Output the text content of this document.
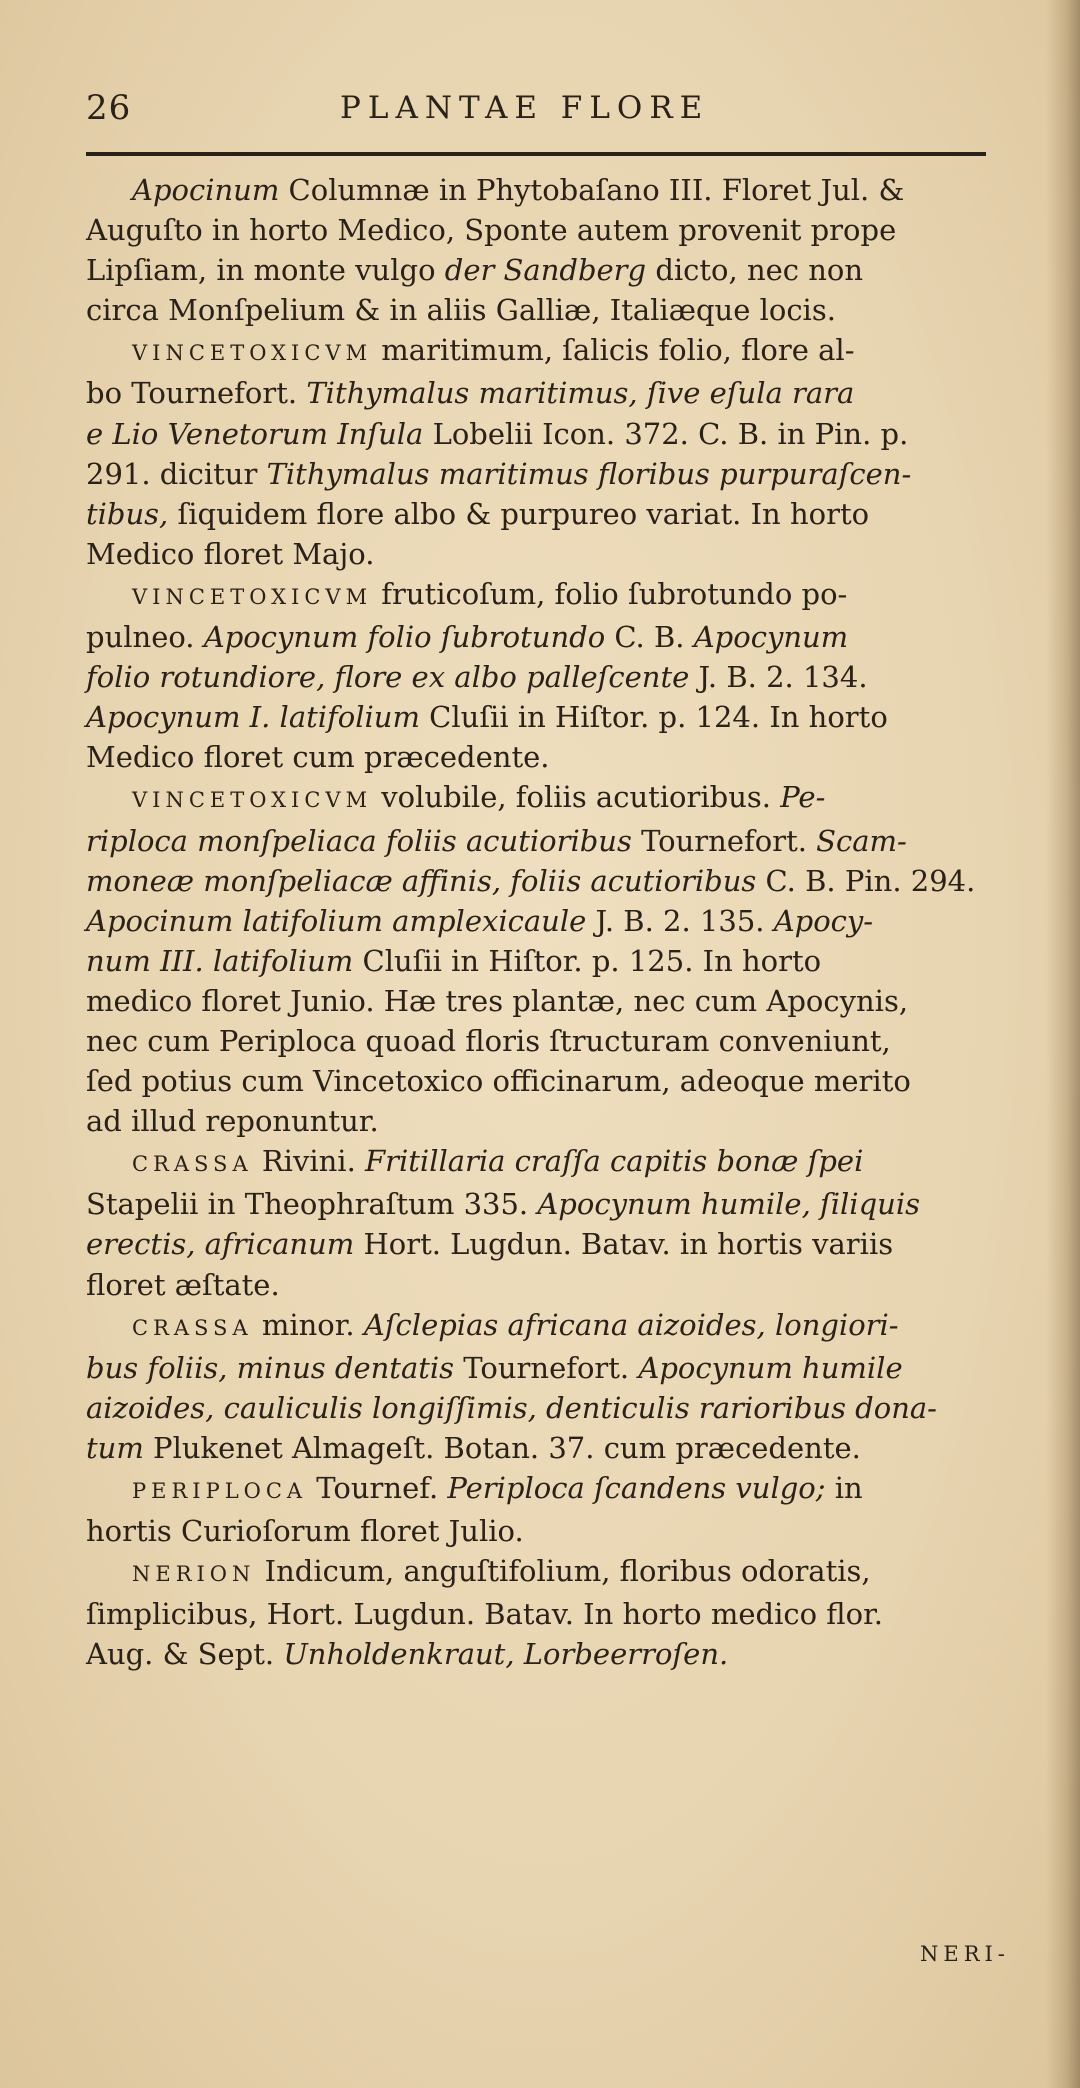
26	PLANTAE FLORE
Apocinum Columnæ in Phytobaſano III. Floret Jul. &
Auguſto in horto Medico, Sponte autem provenit prope
Lipſiam, in monte vulgo der Sandberg dicto, nec non
circa Monſpelium & in aliis Galliæ, Italiæque locis.
VINCETOXICVM maritimum, ſalicis folio, flore al-
bo Tournefort. Tithymalus maritimus, ſive eſula rara
e Lio Venetorum Inſula Lobelii Icon. 372. C. B. in Pin. p.
291. dicitur Tithymalus maritimus floribus purpuraſcen-
tibus, ſiquidem flore albo & purpureo variat. In horto
Medico floret Majo.
VINCETOXICVM fruticoſum, folio ſubrotundo po-
pulneo. Apocynum folio ſubrotundo C. B. Apocynum
folio rotundiore, flore ex albo palleſcente J. B. 2. 134.
Apocynum I. latifolium Cluſii in Hiſtor. p. 124. In horto
Medico floret cum præcedente.
VINCETOXICVM volubile, foliis acutioribus. Pe-
riploca monſpeliaca foliis acutioribus Tournefort. Scam-
moneæ monſpeliacæ affinis, foliis acutioribus C. B. Pin. 294.
Apocinum latifolium amplexicaule J. B. 2. 135. Apocy-
num III. latifolium Cluſii in Hiſtor. p. 125. In horto
medico floret Junio. Hæ tres plantæ, nec cum Apocynis,
nec cum Periploca quoad floris ſtructuram conveniunt,
ſed potius cum Vincetoxico officinarum, adeoque merito
ad illud reponuntur.
CRASSA Rivini. Fritillaria craſſa capitis bonæ ſpei
Stapelii in Theophraſtum 335. Apocynum humile, ſiliquis
erectis, africanum Hort. Lugdun. Batav. in hortis variis
floret æſtate.
CRASSA minor. Aſclepias africana aizoides, longiori-
bus foliis, minus dentatis Tournefort. Apocynum humile
aizoides, cauliculis longiſſimis, denticulis rarioribus dona-
tum Plukenet Almageſt. Botan. 37. cum præcedente.
PERIPLOCA Tournef. Periploca ſcandens vulgo; in
hortis Curioſorum floret Julio.
NERION Indicum, anguſtifolium, floribus odoratis,
ſimplicibus, Hort. Lugdun. Batav. In horto medico flor.
Aug. & Sept. Unholdenkraut, Lorbeerroſen.
NERI-
